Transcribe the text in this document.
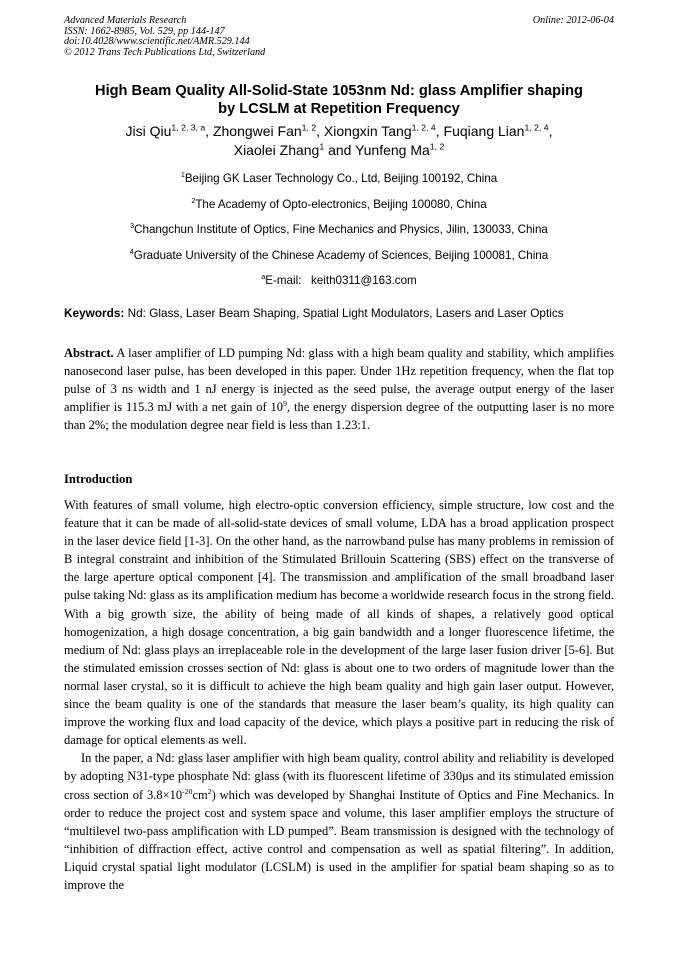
Advanced Materials Research
ISSN: 1662-8985, Vol. 529, pp 144-147
doi:10.4028/www.scientific.net/AMR.529.144
© 2012 Trans Tech Publications Ltd, Switzerland
Online: 2012-06-04
High Beam Quality All-Solid-State 1053nm Nd: glass Amplifier shaping
by LCSLM at Repetition Frequency
Jisi Qiu$^{1, 2, 3, a}$, Zhongwei Fan$^{1, 2}$, Xiongxin Tang$^{1, 2, 4}$, Fuqiang Lian$^{1, 2, 4}$,
Xiaolei Zhang$^1$ and Yunfeng Ma$^{1, 2}$
$^1$Beijing GK Laser Technology Co., Ltd, Beijing 100192, China
$^2$The Academy of Opto-electronics, Beijing 100080, China
$^3$Changchun Institute of Optics, Fine Mechanics and Physics, Jilin, 130033, China
$^4$Graduate University of the Chinese Academy of Sciences, Beijing 100081, China
$^a$E-mail:   keith0311@163.com
Keywords: Nd: Glass, Laser Beam Shaping, Spatial Light Modulators, Lasers and Laser Optics
Abstract. A laser amplifier of LD pumping Nd: glass with a high beam quality and stability, which amplifies nanosecond laser pulse, has been developed in this paper. Under 1Hz repetition frequency, when the flat top pulse of 3 ns width and 1 nJ energy is injected as the seed pulse, the average output energy of the laser amplifier is 115.3 mJ with a net gain of $10^9$, the energy dispersion degree of the outputting laser is no more than 2%; the modulation degree near field is less than 1.23:1.
Introduction

With features of small volume, high electro-optic conversion efficiency, simple structure, low cost and the feature that it can be made of all-solid-state devices of small volume, LDA has a broad application prospect in the laser device field [1-3]. On the other hand, as the narrowband pulse has many problems in remission of B integral constraint and inhibition of the Stimulated Brillouin Scattering (SBS) effect on the transverse of the large aperture optical component [4]. The transmission and amplification of the small broadband laser pulse taking Nd: glass as its amplification medium has become a worldwide research focus in the strong field. With a big growth size, the ability of being made of all kinds of shapes, a relatively good optical homogenization, a high dosage concentration, a big gain bandwidth and a longer fluorescence lifetime, the medium of Nd: glass plays an irreplaceable role in the development of the large laser fusion driver [5-6]. But the stimulated emission crosses section of Nd: glass is about one to two orders of magnitude lower than the normal laser crystal, so it is difficult to achieve the high beam quality and high gain laser output. However, since the beam quality is one of the standards that measure the laser beam’s quality, its high quality can improve the working flux and load capacity of the device, which plays a positive part in reducing the risk of damage for optical elements as well.

In the paper, a Nd: glass laser amplifier with high beam quality, control ability and reliability is developed by adopting N31-type phosphate Nd: glass (with its fluorescent lifetime of 330μs and its stimulated emission cross section of $3.8\times 10^{-20}cm^2$) which was developed by Shanghai Institute of Optics and Fine Mechanics. In order to reduce the project cost and system space and volume, this laser amplifier employs the structure of “multilevel two-pass amplification with LD pumped”. Beam transmission is designed with the technology of “inhibition of diffraction effect, active control and compensation as well as spatial filtering”. In addition, Liquid crystal spatial light modulator (LCSLM) is used in the amplifier for spatial beam shaping so as to improve the
